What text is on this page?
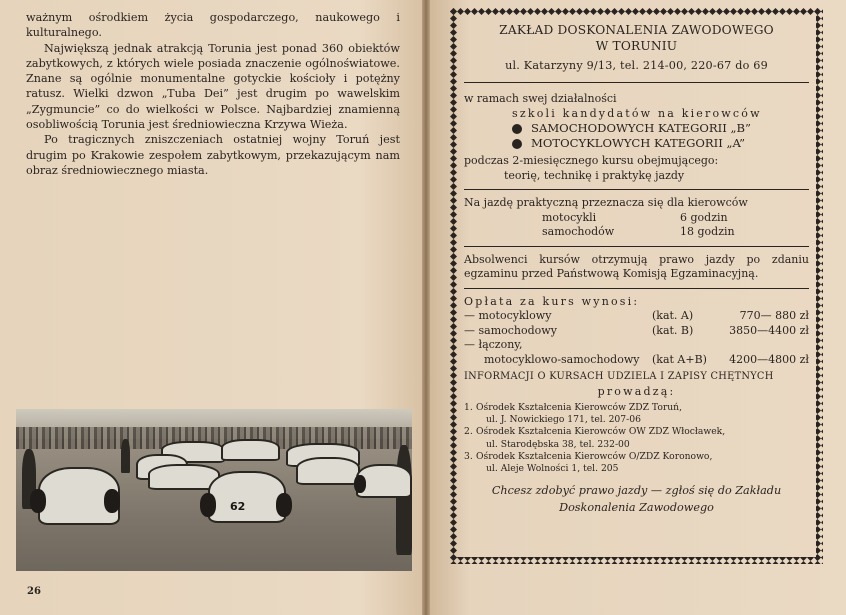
ważnym ośrodkiem życia gospodarczego, naukowego i kulturalnego.

Największą jednak atrakcją Torunia jest ponad 360 obiektów zabytkowych, z których wiele posiada znaczenie ogólnoświatowe. Znane są ogólnie monumentalne gotyckie kościoły i potężny ratusz. Wielki dzwon „Tuba Dei” jest drugim po wawelskim „Zygmuncie” co do wielkości w Polsce. Najbardziej znamienną osobliwością Torunia jest średniowieczna Krzywa Wieża.

Po tragicznych zniszczeniach ostatniej wojny Toruń jest drugim po Krakowie zespołem zabytkowym, przekazującym nam obraz średniowiecznego miasta.

62
26
ZAKŁAD DOSKONALENIA ZAWODOWEGO
W TORUNIU
ul. Katarzyny 9/13, tel. 214-00, 220-67 do 69
w ramach swej działalności
szkoli kandydatów na kierowców
SAMOCHODOWYCH KATEGORII „B”
MOTOCYKLOWYCH KATEGORII „A”
podczas 2-miesięcznego kursu obejmującego:
teorię, technikę i praktykę jazdy
Na jazdę praktyczną przeznacza się dla kierowców
motocykli	6 godzin
samochodów	18 godzin
Absolwenci kursów otrzymują prawo jazdy po zdaniu egzaminu przed Państwową Komisją Egzaminacyjną.
Opłata za kurs wynosi:
— motocyklowy	(kat. A)	770— 880 zł
— samochodowy	(kat. B)	3850—4400 zł
— łączony,
motocyklowo-samochodowy	(kat A+B)	4200—4800 zł
INFORMACJI O KURSACH UDZIELA I ZAPISY CHĘTNYCH
prowadzą:
1. Ośrodek Kształcenia Kierowców ZDZ Toruń,
ul. J. Nowickiego 171, tel. 207-06
2. Ośrodek Kształcenia Kierowców OW ZDZ Włocławek,
ul. Starodębska 38, tel. 232-00
3. Ośrodek Kształcenia Kierowców O/ZDZ Koronowo,
ul. Aleje Wolności 1, tel. 205
Chcesz zdobyć prawo jazdy — zgłoś się do Zakładu
Doskonalenia Zawodowego
